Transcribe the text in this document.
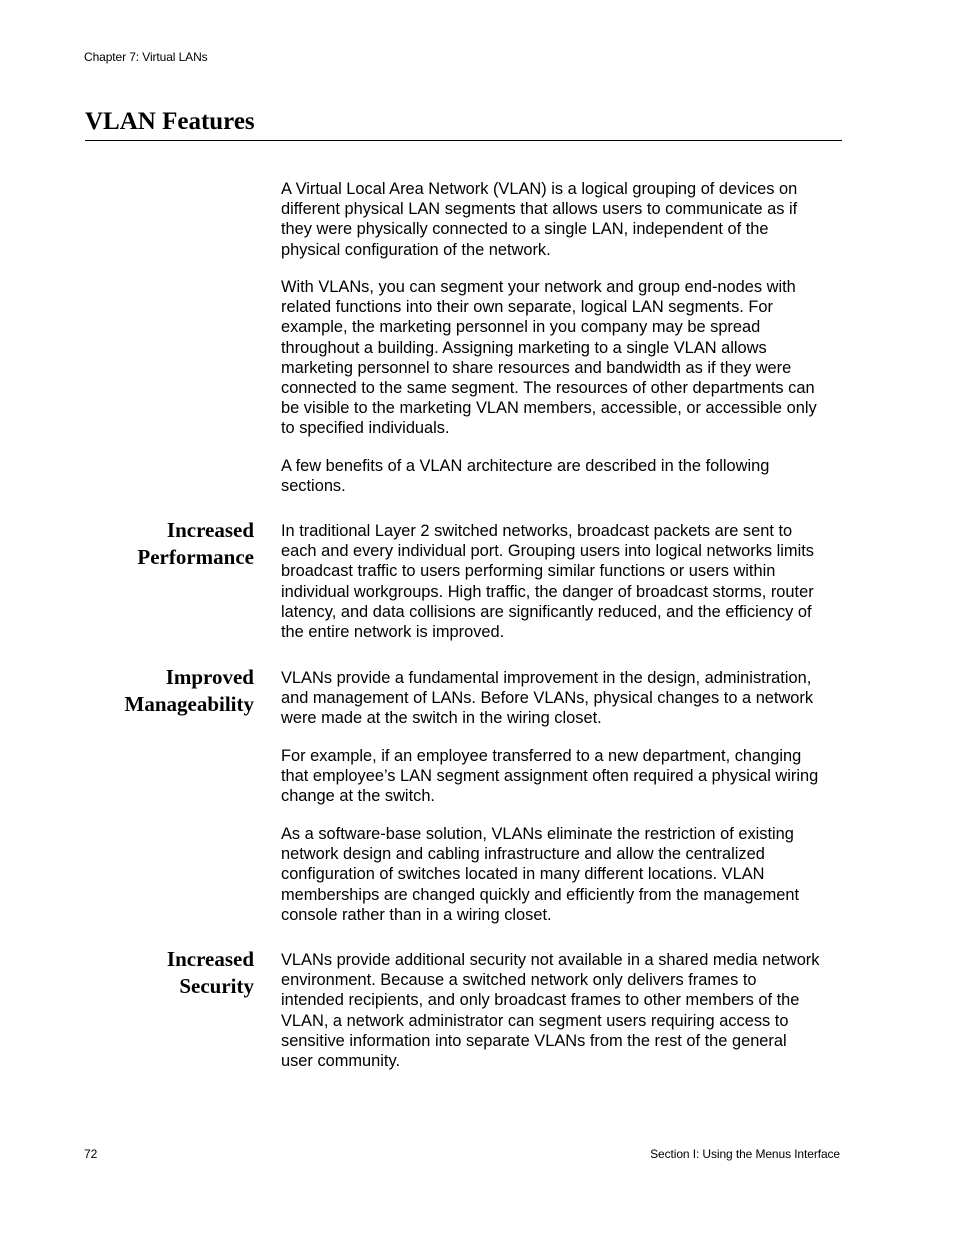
Chapter 7: Virtual LANs
VLAN Features

A Virtual Local Area Network (VLAN) is a logical grouping of devices on
different physical LAN segments that allows users to communicate as if
they were physically connected to a single LAN, independent of the
physical configuration of the network.

With VLANs, you can segment your network and group end-nodes with
related functions into their own separate, logical LAN segments. For
example, the marketing personnel in you company may be spread
throughout a building. Assigning marketing to a single VLAN allows
marketing personnel to share resources and bandwidth as if they were
connected to the same segment. The resources of other departments can
be visible to the marketing VLAN members, accessible, or accessible only
to specified individuals.

A few benefits of a VLAN architecture are described in the following
sections.

Increased
Performance

In traditional Layer 2 switched networks, broadcast packets are sent to
each and every individual port. Grouping users into logical networks limits
broadcast traffic to users performing similar functions or users within
individual workgroups. High traffic, the danger of broadcast storms, router
latency, and data collisions are significantly reduced, and the efficiency of
the entire network is improved.

Improved
Manageability

VLANs provide a fundamental improvement in the design, administration,
and management of LANs. Before VLANs, physical changes to a network
were made at the switch in the wiring closet.

For example, if an employee transferred to a new department, changing
that employee’s LAN segment assignment often required a physical wiring
change at the switch.

As a software-base solution, VLANs eliminate the restriction of existing
network design and cabling infrastructure and allow the centralized
configuration of switches located in many different locations. VLAN
memberships are changed quickly and efficiently from the management
console rather than in a wiring closet.

Increased
Security

VLANs provide additional security not available in a shared media network
environment. Because a switched network only delivers frames to
intended recipients, and only broadcast frames to other members of the
VLAN, a network administrator can segment users requiring access to
sensitive information into separate VLANs from the rest of the general
user community.

72	Section I: Using the Menus Interface
